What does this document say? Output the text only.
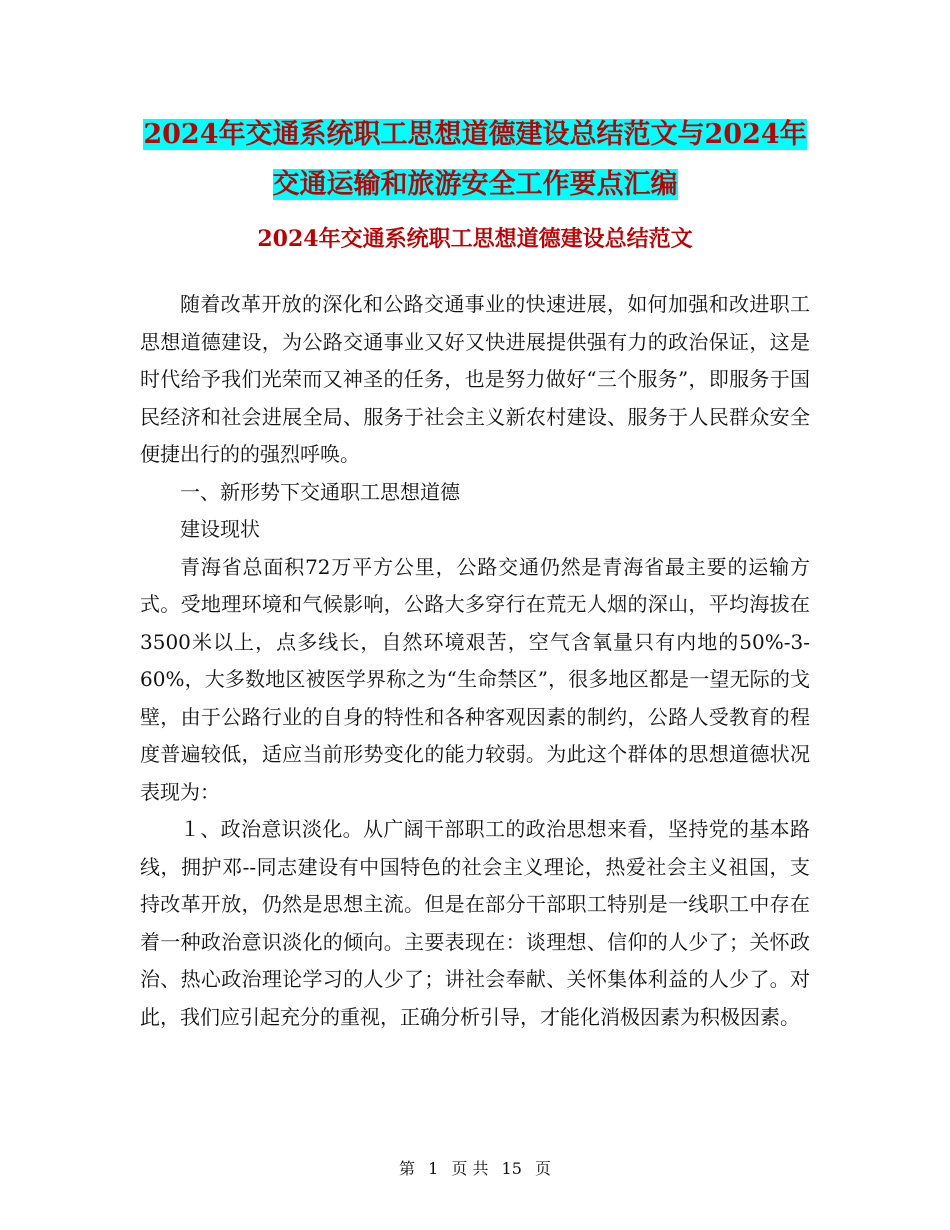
2024年交通系统职工思想道德建设总结范文与2024年
交通运输和旅游安全工作要点汇编
2024年交通系统职工思想道德建设总结范文

随着改革开放的深化和公路交通事业的快速进展，如何加强和改进职工思想道德建设，为公路交通事业又好又快进展提供强有力的政治保证，这是时代给予我们光荣而又神圣的任务，也是努力做好“三个服务”，即服务于国民经济和社会进展全局、服务于社会主义新农村建设、服务于人民群众安全便捷出行的的强烈呼唤。

一、新形势下交通职工思想道德

建设现状

青海省总面积72万平方公里，公路交通仍然是青海省最主要的运输方式。受地理环境和气候影响，公路大多穿行在荒无人烟的深山，平均海拔在3500米以上，点多线长，自然环境艰苦，空气含氧量只有内地的50%-3-60%，大多数地区被医学界称之为“生命禁区”，很多地区都是一望无际的戈壁，由于公路行业的自身的特性和各种客观因素的制约，公路人受教育的程度普遍较低，适应当前形势变化的能力较弱。为此这个群体的思想道德状况表现为：

１、政治意识淡化。从广阔干部职工的政治思想来看，坚持党的基本路线，拥护邓--同志建设有中国特色的社会主义理论，热爱社会主义祖国，支持改革开放，仍然是思想主流。但是在部分干部职工特别是一线职工中存在着一种政治意识淡化的倾向。主要表现在：谈理想、信仰的人少了；关怀政治、热心政治理论学习的人少了；讲社会奉献、关怀集体利益的人少了。对此，我们应引起充分的重视，正确分析引导，才能化消极因素为积极因素。

第 1 页 共 15 页
